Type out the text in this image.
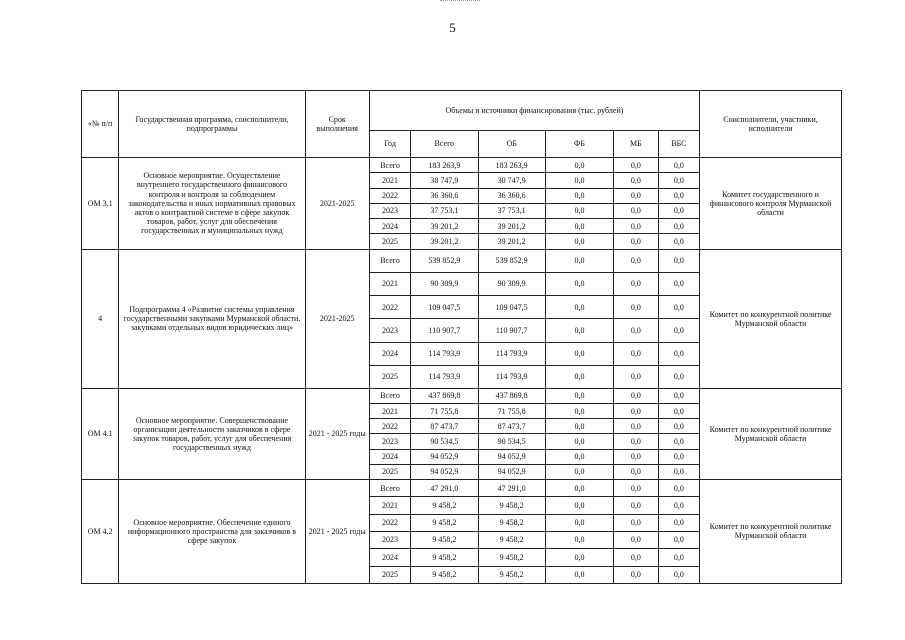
5
«№ п/п	Государственная программа, соисполнители, подпрограммы	Срок выполнения	Объемы и источники финансирования (тыс. рублей)						Соисполнители, участники, исполнители
			Год	Всего	ОБ	ФБ	МБ	ВБС	
ОМ 3.1	Основное мероприятие. Осуществление внутреннего государственного финансового контроля и контроля за соблюдением законодательства и иных нормативных правовых актов о контрактной системе в сфере закупок товаров, работ, услуг для обеспечения государственных и муниципальных нужд	2021-2025	Всего	183 263,9	183 263,9	0,0	0,0	0,0	Комитет государственного и финансового контроля Мурманской области
			2021	30 747,9	30 747,9	0,0	0,0	0,0	
			2022	36 360,6	36 360,6	0,0	0,0	0,0	
			2023	37 753,1	37 753,1	0,0	0,0	0,0	
			2024	39 201,2	39 201,2	0,0	0,0	0,0	
			2025	39 201,2	39 201,2	0,0	0,0	0,0	
4	Подпрограмма 4 «Развитие системы управления государственными закупками Мурманской области, закупками отдельных видов юридических лиц»	2021-2025	Всего	539 852,9	539 852,9	0,0	0,0	0,0	Комитет по конкурентной политике Мурманской области
			2021	90 309,9	90 309,9	0,0	0,0	0,0	
			2022	109 047,5	109 047,5	0,0	0,0	0,0	
			2023	110 907,7	110 907,7	0,0	0,0	0,0	
			2024	114 793,9	114 793,9	0,0	0,0	0,0	
			2025	114 793,9	114 793,9	0,0	0,0	0,0	
ОМ 4.1	Основное мероприятие. Совершенствование организации деятельности заказчиков в сфере закупок товаров, работ, услуг для обеспечения государственных нужд	2021 - 2025 годы	Всего	437 869,8	437 869,8	0,0	0,0	0,0	Комитет по конкурентной политике Мурманской области
			2021	71 755,8	71 755,8	0,0	0,0	0,0	
			2022	87 473,7	87 473,7	0,0	0,0	0,0	
			2023	90 534,5	90 534,5	0,0	0,0	0,0	
			2024	94 052,9	94 052,9	0,0	0,0	0,0	
			2025	94 052,9	94 052,9	0,0	0,0	0,0	
ОМ 4.2	Основное мероприятие. Обеспечение единого информационного пространства для заказчиков в сфере закупок	2021 - 2025 годы	Всего	47 291,0	47 291,0	0,0	0,0	0,0	Комитет по конкурентной политике Мурманской области
			2021	9 458,2	9 458,2	0,0	0,0	0,0	
			2022	9 458,2	9 458,2	0,0	0,0	0,0	
			2023	9 458,2	9 458,2	0,0	0,0	0,0	
			2024	9 458,2	9 458,2	0,0	0,0	0,0	
			2025	9 458,2	9 458,2	0,0	0,0	0,0	
